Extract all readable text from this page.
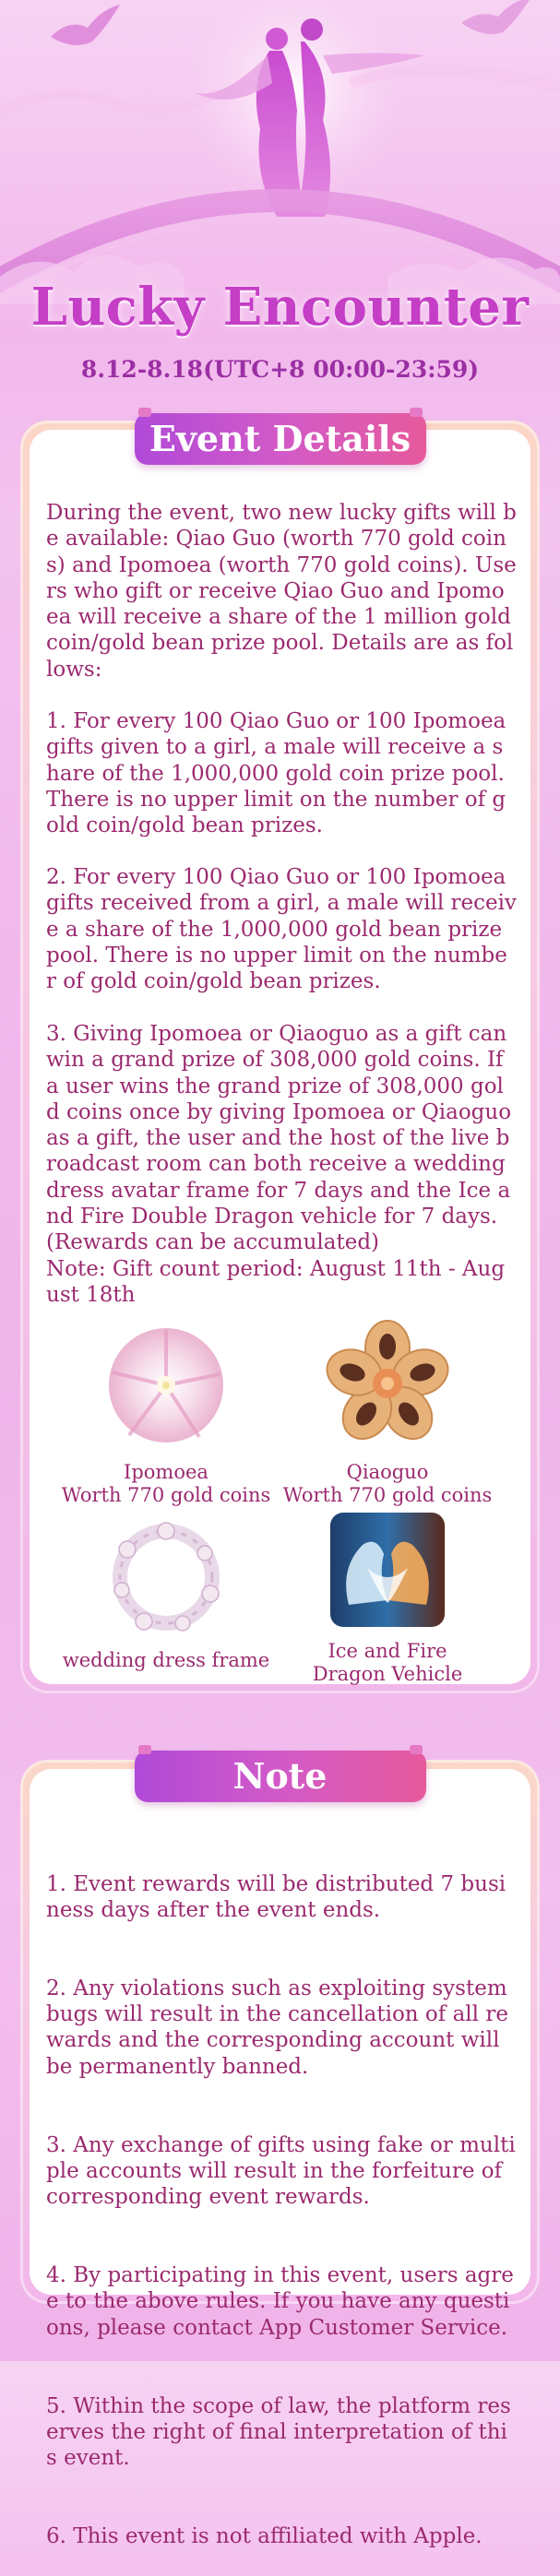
Lucky Encounter
8.12-8.18(UTC+8 00:00-23:59)
Event Details
During the event, two new lucky gifts will be available: Qiao Guo (worth 770 gold coins) and Ipomoea (worth 770 gold coins). Users who gift or receive Qiao Guo and Ipomoea will receive a share of the 1 million gold coin/gold bean prize pool. Details are as follows:
1. For every 100 Qiao Guo or 100 Ipomoea gifts given to a girl, a male will receive a share of the 1,000,000 gold coin prize pool. There is no upper limit on the number of gold coin/gold bean prizes.
2. For every 100 Qiao Guo or 100 Ipomoea gifts received from a girl, a male will receive a share of the 1,000,000 gold bean prize pool. There is no upper limit on the number of gold coin/gold bean prizes.
3. Giving Ipomoea or Qiaoguo as a gift can win a grand prize of 308,000 gold coins. If a user wins the grand prize of 308,000 gold coins once by giving Ipomoea or Qiaoguo as a gift, the user and the host of the live broadcast room can both receive a wedding dress avatar frame for 7 days and the Ice and Fire Double Dragon vehicle for 7 days. (Rewards can be accumulated)
Note: Gift count period: August 11th - August 18th
Ipomoea
Worth 770 gold coins
Qiaoguo
Worth 770 gold coins
wedding dress frame	Ice and Fire
Dragon Vehicle
Note

1. Event rewards will be distributed 7 business days after the event ends.

2. Any violations such as exploiting system bugs will result in the cancellation of all rewards and the corresponding account will be permanently banned.

3. Any exchange of gifts using fake or multiple accounts will result in the forfeiture of corresponding event rewards.

4. By participating in this event, users agree to the above rules. If you have any questions, please contact App Customer Service.

5. Within the scope of law, the platform reserves the right of final interpretation of this event.

6. This event is not affiliated with Apple.
